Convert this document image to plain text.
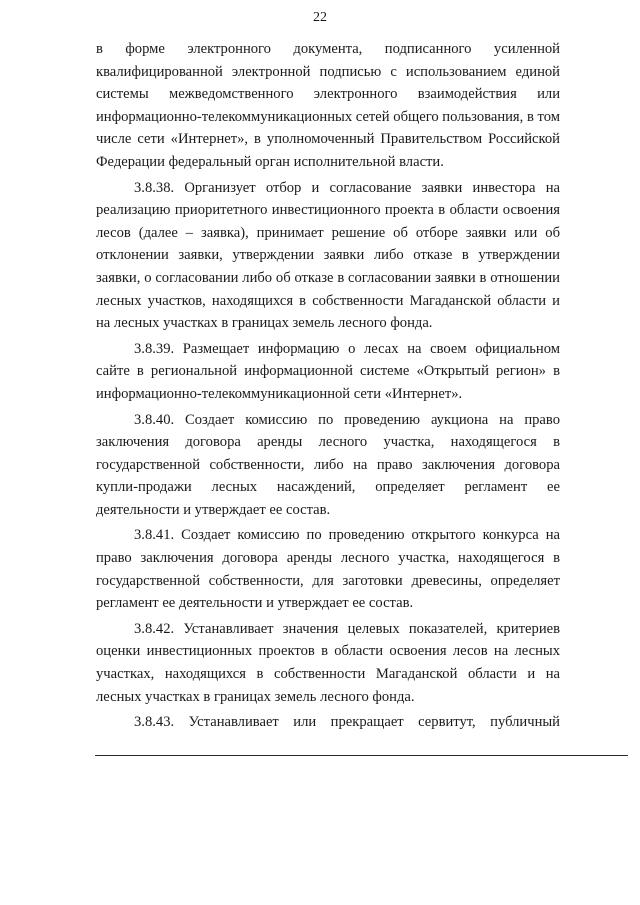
22

в форме электронного документа, подписанного усиленной квалифицированной электронной подписью с использованием единой системы межведомственного электронного взаимодействия или информационно-телекоммуникационных сетей общего пользования, в том числе сети «Интернет», в уполномоченный Правительством Российской Федерации федеральный орган исполнительной власти.

3.8.38. Организует отбор и согласование заявки инвестора на реализацию приоритетного инвестиционного проекта в области освоения лесов (далее – заявка), принимает решение об отборе заявки или об отклонении заявки, утверждении заявки либо отказе в утверждении заявки, о согласовании либо об отказе в согласовании заявки в отношении лесных участков, находящихся в собственности Магаданской области и на лесных участках в границах земель лесного фонда.

3.8.39. Размещает информацию о лесах на своем официальном сайте в региональной информационной системе «Открытый регион» в информационно-телекоммуникационной сети «Интернет».

3.8.40. Создает комиссию по проведению аукциона на право заключения договора аренды лесного участка, находящегося в государственной собственности, либо на право заключения договора купли-продажи лесных насаждений, определяет регламент ее деятельности и утверждает ее состав.

3.8.41. Создает комиссию по проведению открытого конкурса на право заключения договора аренды лесного участка, находящегося в государственной собственности, для заготовки древесины, определяет регламент ее деятельности и утверждает ее состав.

3.8.42. Устанавливает значения целевых показателей, критериев оценки инвестиционных проектов в области освоения лесов на лесных участках, находящихся в собственности Магаданской области и на лесных участках в границах земель лесного фонда.

3.8.43. Устанавливает или прекращает сервитут, публичный
